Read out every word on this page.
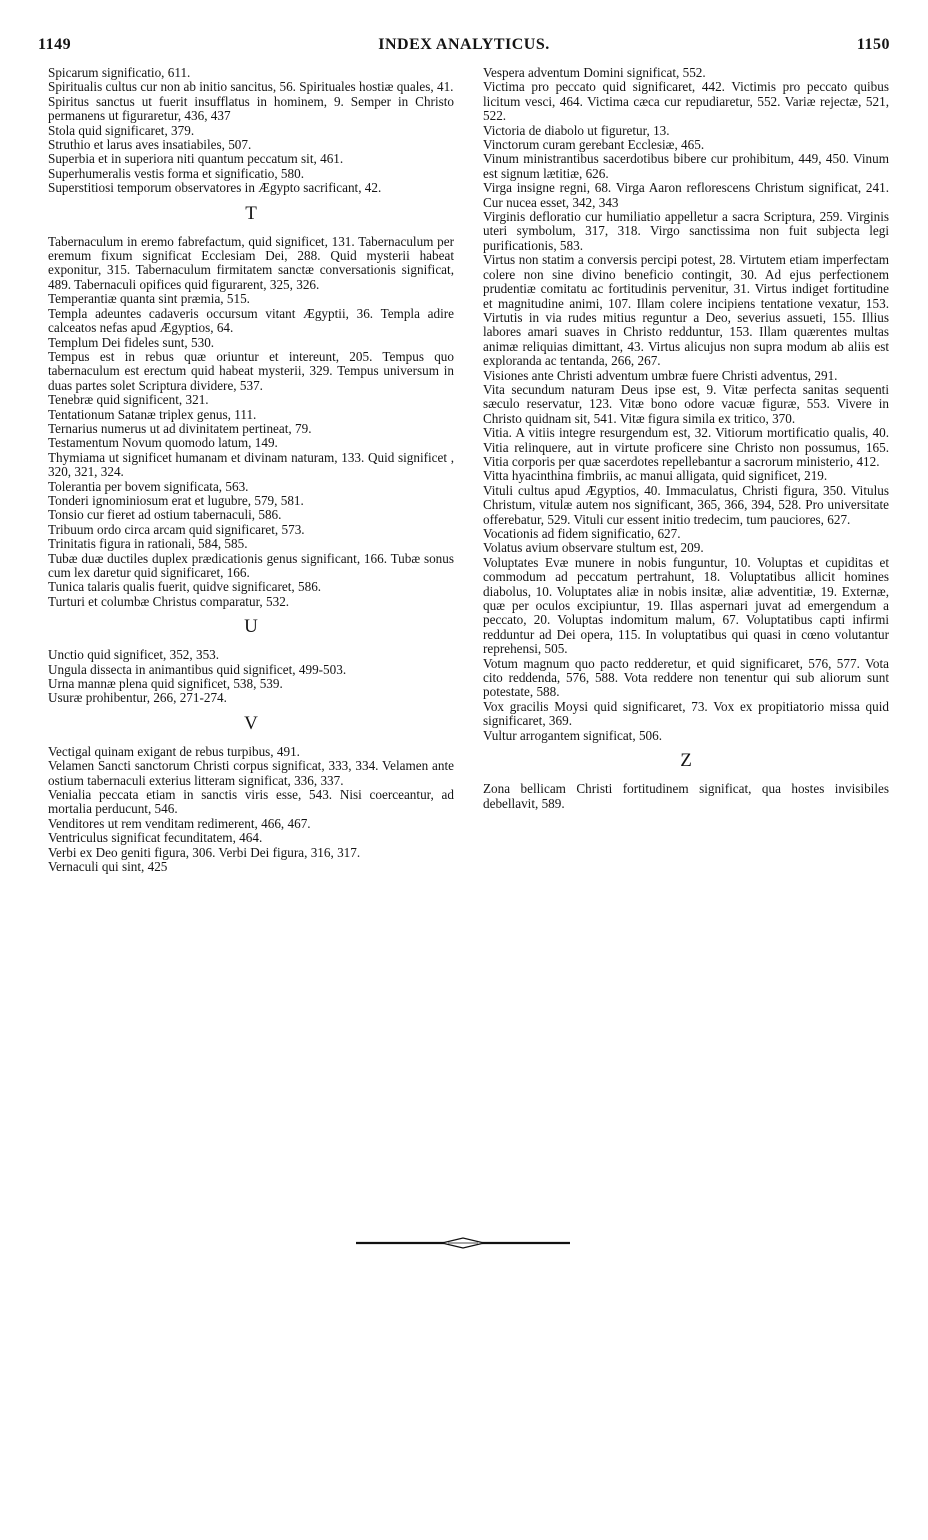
1149	INDEX ANALYTICUS.	1150
Spicarum significatio, 611.
Spiritualis cultus cur non ab initio sancitus, 56. Spirituales hostiæ quales, 41.
Spiritus sanctus ut fuerit insufflatus in hominem, 9. Semper in Christo permanens ut figuraretur, 436, 437
Stola quid significaret, 379.
Struthio et larus aves insatiabiles, 507.
Superbia et in superiora niti quantum peccatum sit, 461.
Superhumeralis vestis forma et significatio, 580.
Superstitiosi temporum observatores in Ægypto sacrificant, 42.
T
Tabernaculum in eremo fabrefactum, quid significet, 131. Tabernaculum per eremum fixum significat Ecclesiam Dei, 288. Quid mysterii habeat exponitur, 315. Tabernaculum firmitatem sanctæ conversationis significat, 489. Tabernaculi opifices quid figurarent, 325, 326.
Temperantiæ quanta sint præmia, 515.
Templa adeuntes cadaveris occursum vitant Ægyptii, 36. Templa adire calceatos nefas apud Ægyptios, 64.
Templum Dei fideles sunt, 530.
Tempus est in rebus quæ oriuntur et intereunt, 205. Tempus quo tabernaculum est erectum quid habeat mysterii, 329. Tempus universum in duas partes solet Scriptura dividere, 537.
Tenebræ quid significent, 321.
Tentationum Satanæ triplex genus, 111.
Ternarius numerus ut ad divinitatem pertineat, 79.
Testamentum Novum quomodo latum, 149.
Thymiama ut significet humanam et divinam naturam, 133. Quid significet , 320, 321, 324.
Tolerantia per bovem significata, 563.
Tonderi ignominiosum erat et lugubre, 579, 581.
Tonsio cur fieret ad ostium tabernaculi, 586.
Tribuum ordo circa arcam quid significaret, 573.
Trinitatis figura in rationali, 584, 585.
Tubæ duæ ductiles duplex prædicationis genus significant, 166. Tubæ sonus cum lex daretur quid significaret, 166.
Tunica talaris qualis fuerit, quidve significaret, 586.
Turturi et columbæ Christus comparatur, 532.
U
Unctio quid significet, 352, 353.
Ungula dissecta in animantibus quid significet, 499-503.
Urna mannæ plena quid significet, 538, 539.
Usuræ prohibentur, 266, 271-274.
V
Vectigal quinam exigant de rebus turpibus, 491.
Velamen Sancti sanctorum Christi corpus significat, 333, 334. Velamen ante ostium tabernaculi exterius litteram significat, 336, 337.
Venialia peccata etiam in sanctis viris esse, 543. Nisi coerceantur, ad mortalia perducunt, 546.
Venditores ut rem venditam redimerent, 466, 467.
Ventriculus significat fecunditatem, 464.
Verbi ex Deo geniti figura, 306. Verbi Dei figura, 316, 317.
Vernaculi qui sint, 425
Vespera adventum Domini significat, 552.
Victima pro peccato quid significaret, 442. Victimis pro peccato quibus licitum vesci, 464. Victima cæca cur repudiaretur, 552. Variæ rejectæ, 521, 522.
Victoria de diabolo ut figuretur, 13.
Vinctorum curam gerebant Ecclesiæ, 465.
Vinum ministrantibus sacerdotibus bibere cur prohibitum, 449, 450. Vinum est signum lætitiæ, 626.
Virga insigne regni, 68. Virga Aaron reflorescens Christum significat, 241. Cur nucea esset, 342, 343
Virginis defloratio cur humiliatio appelletur a sacra Scriptura, 259. Virginis uteri symbolum, 317, 318. Virgo sanctissima non fuit subjecta legi purificationis, 583.
Virtus non statim a conversis percipi potest, 28. Virtutem etiam imperfectam colere non sine divino beneficio contingit, 30. Ad ejus perfectionem prudentiæ comitatu ac fortitudinis pervenitur, 31. Virtus indiget fortitudine et magnitudine animi, 107. Illam colere incipiens tentatione vexatur, 153. Virtutis in via rudes mitius reguntur a Deo, severius assueti, 155. Illius labores amari suaves in Christo redduntur, 153. Illam quærentes multas animæ reliquias dimittant, 43. Virtus alicujus non supra modum ab aliis est exploranda ac tentanda, 266, 267.
Visiones ante Christi adventum umbræ fuere Christi adventus, 291.
Vita secundum naturam Deus ipse est, 9. Vitæ perfecta sanitas sequenti sæculo reservatur, 123. Vitæ bono odore vacuæ figuræ, 553. Vivere in Christo quidnam sit, 541. Vitæ figura simila ex tritico, 370.
Vitia. A vitiis integre resurgendum est, 32. Vitiorum mortificatio qualis, 40. Vitia relinquere, aut in virtute proficere sine Christo non possumus, 165. Vitia corporis per quæ sacerdotes repellebantur a sacrorum ministerio, 412.
Vitta hyacinthina fimbriis, ac manui alligata, quid significet, 219.
Vituli cultus apud Ægyptios, 40. Immaculatus, Christi figura, 350. Vitulus Christum, vitulæ autem nos significant, 365, 366, 394, 528. Pro universitate offerebatur, 529. Vituli cur essent initio tredecim, tum pauciores, 627.
Vocationis ad fidem significatio, 627.
Volatus avium observare stultum est, 209.
Voluptates Evæ munere in nobis funguntur, 10. Voluptas et cupiditas et commodum ad peccatum pertrahunt, 18. Voluptatibus allicit homines diabolus, 10. Voluptates aliæ in nobis insitæ, aliæ adventitiæ, 19. Externæ, quæ per oculos excipiuntur, 19. Illas aspernari juvat ad emergendum a peccato, 20. Voluptas indomitum malum, 67. Voluptatibus capti infirmi redduntur ad Dei opera, 115. In voluptatibus qui quasi in cœno volutantur reprehensi, 505.
Votum magnum quo pacto redderetur, et quid significaret, 576, 577. Vota cito reddenda, 576, 588. Vota reddere non tenentur qui sub aliorum sunt potestate, 588.
Vox gracilis Moysi quid significaret, 73. Vox ex propitiatorio missa quid significaret, 369.
Vultur arrogantem significat, 506.
Z
Zona bellicam Christi fortitudinem significat, qua hostes invisibiles debellavit, 589.
